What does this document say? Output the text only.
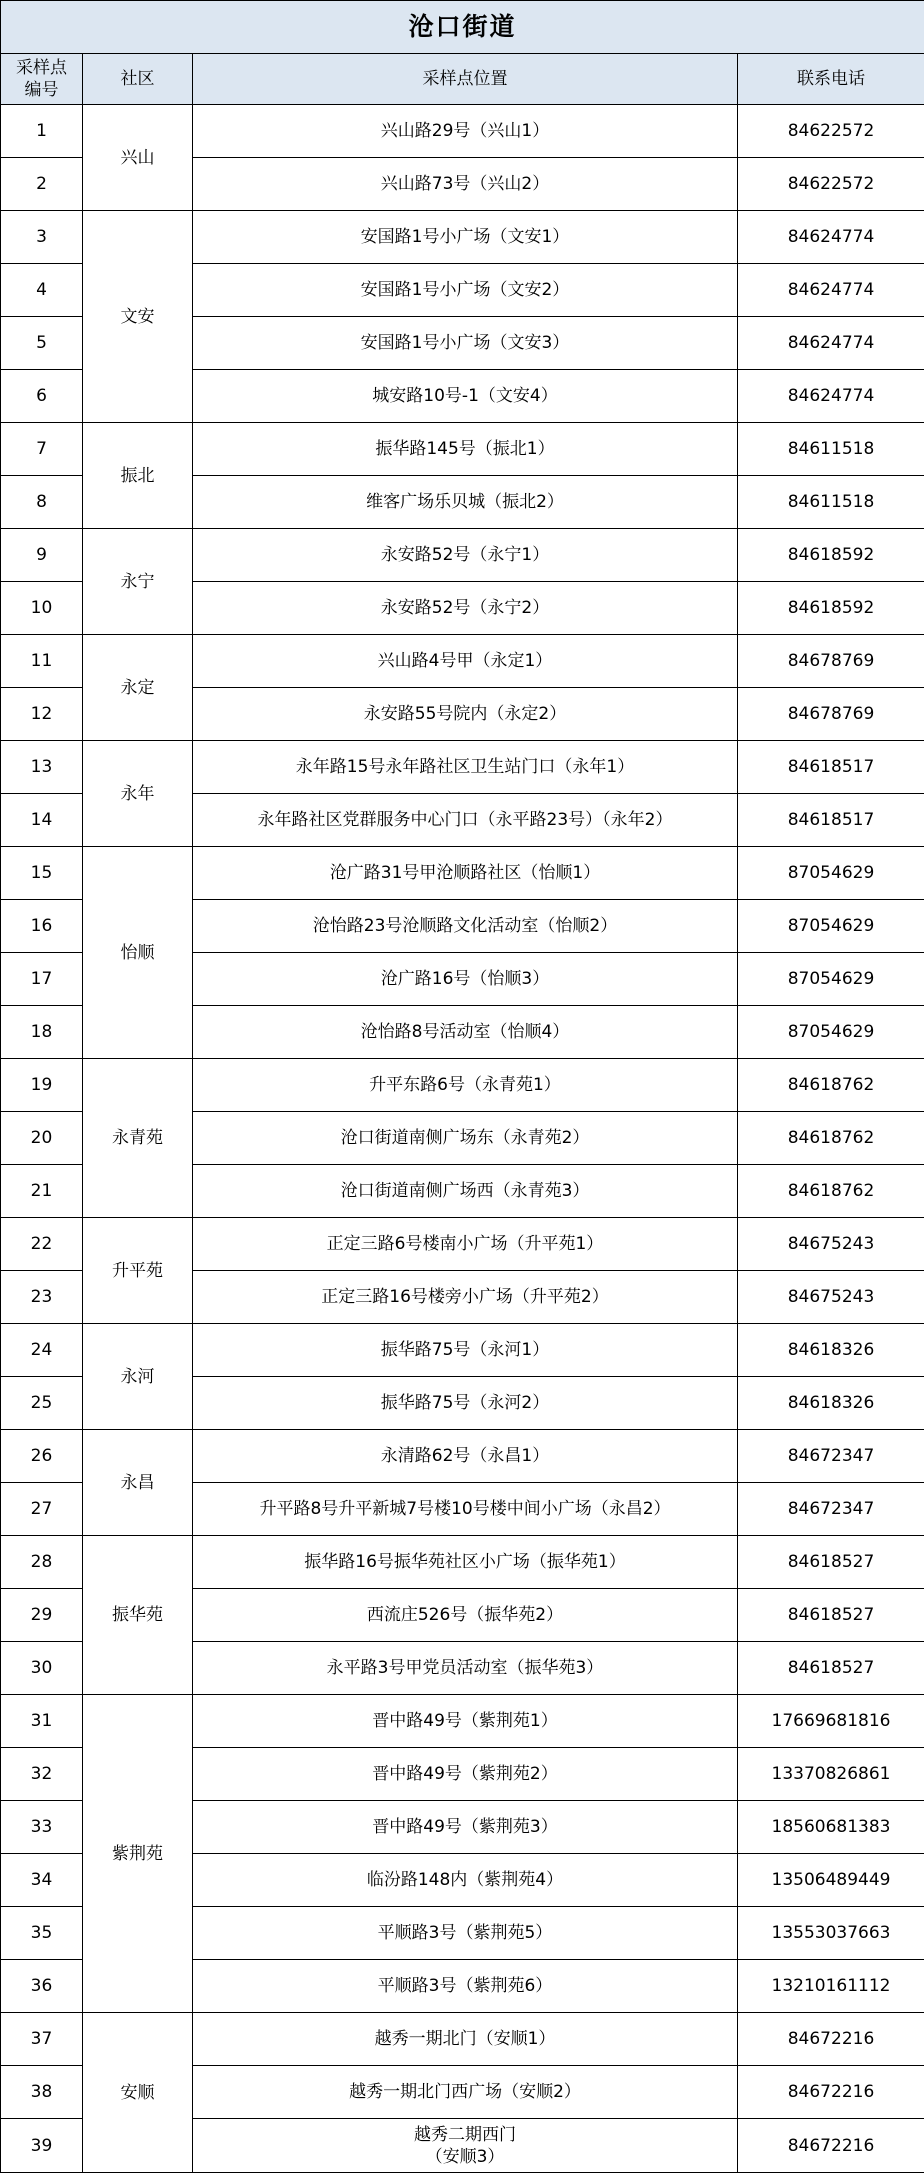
沧口街道			

采样点
编号	社区	采样点位置	联系电话
1	兴山	兴山路29号（兴山1）	84622572
2		兴山路73号（兴山2）	84622572
3	文安	安国路1号小广场（文安1）	84624774
4		安国路1号小广场（文安2）	84624774
5		安国路1号小广场（文安3）	84624774
6		城安路10号-1（文安4）	84624774
7	振北	振华路145号（振北1）	84611518
8		维客广场乐贝城（振北2）	84611518
9	永宁	永安路52号（永宁1）	84618592
10		永安路52号（永宁2）	84618592
11	永定	兴山路4号甲（永定1）	84678769
12		永安路55号院内（永定2）	84678769
13	永年	永年路15号永年路社区卫生站门口（永年1）	84618517
14		永年路社区党群服务中心门口（永平路23号）（永年2）	84618517
15	怡顺	沧广路31号甲沧顺路社区（怡顺1）	87054629
16		沧怡路23号沧顺路文化活动室（怡顺2）	87054629
17		沧广路16号（怡顺3）	87054629
18		沧怡路8号活动室（怡顺4）	87054629
19	永青苑	升平东路6号（永青苑1）	84618762
20		沧口街道南侧广场东（永青苑2）	84618762
21		沧口街道南侧广场西（永青苑3）	84618762
22	升平苑	正定三路6号楼南小广场（升平苑1）	84675243
23		正定三路16号楼旁小广场（升平苑2）	84675243
24	永河	振华路75号（永河1）	84618326
25		振华路75号（永河2）	84618326
26	永昌	永清路62号（永昌1）	84672347
27		升平路8号升平新城7号楼10号楼中间小广场（永昌2）	84672347
28	振华苑	振华路16号振华苑社区小广场（振华苑1）	84618527
29		西流庄526号（振华苑2）	84618527
30		永平路3号甲党员活动室（振华苑3）	84618527
31	紫荆苑	晋中路49号（紫荆苑1）	17669681816
32		晋中路49号（紫荆苑2）	13370826861
33		晋中路49号（紫荆苑3）	18560681383
34		临汾路148内（紫荆苑4）	13506489449
35		平顺路3号（紫荆苑5）	13553037663
36		平顺路3号（紫荆苑6）	13210161112
37	安顺	越秀一期北门（安顺1）	84672216
38		越秀一期北门西广场（安顺2）	84672216
39		越秀二期西门
（安顺3）	84672216
